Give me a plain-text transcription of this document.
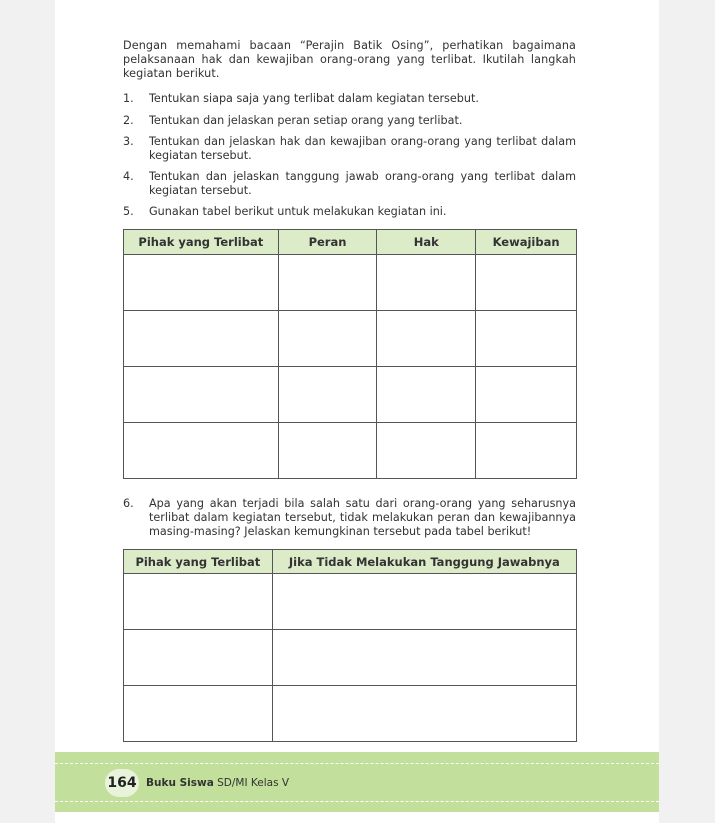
Dengan memahami bacaan “Perajin Batik Osing”, perhatikan bagaimana pelaksanaan hak dan kewajiban orang-orang yang terlibat. Ikutilah langkah kegiatan berikut.

1. Tentukan siapa saja yang terlibat dalam kegiatan tersebut.
2. Tentukan dan jelaskan peran setiap orang yang terlibat.
3. Tentukan dan jelaskan hak dan kewajiban orang-orang yang terlibat dalam kegiatan tersebut.
4. Tentukan dan jelaskan tanggung jawab orang-orang yang terlibat dalam kegiatan tersebut.
5. Gunakan tabel berikut untuk melakukan kegiatan ini.
Pihak yang Terlibat	Peran	Hak	Kewajiban

6.	Apa yang akan terjadi bila salah satu dari orang-orang yang seharusnya terlibat dalam kegiatan tersebut, tidak melakukan peran dan kewajibannya masing-masing? Jelaskan kemungkinan tersebut pada tabel berikut!
Pihak yang Terlibat	Jika Tidak Melakukan Tanggung Jawabnya

164 Buku Siswa SD/MI Kelas V
